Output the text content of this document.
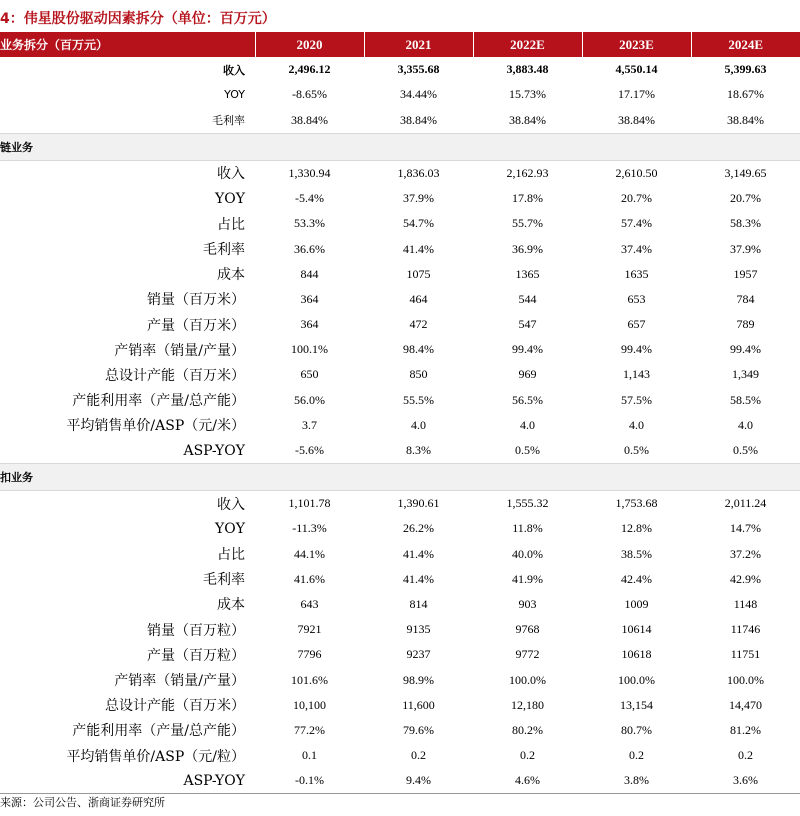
4：伟星股份驱动因素拆分（单位：百万元）
业务拆分（百万元）	2020	2021	2022E	2023E	2024E
收入	2,496.12	3,355.68	3,883.48	4,550.14	5,399.63
YOY	-8.65%	34.44%	15.73%	17.17%	18.67%
毛利率	38.84%	38.84%	38.84%	38.84%	38.84%
链业务					
收入	1,330.94	1,836.03	2,162.93	2,610.50	3,149.65
YOY	-5.4%	37.9%	17.8%	20.7%	20.7%
占比	53.3%	54.7%	55.7%	57.4%	58.3%
毛利率	36.6%	41.4%	36.9%	37.4%	37.9%
成本	844	1075	1365	1635	1957
销量（百万米）	364	464	544	653	784
产量（百万米）	364	472	547	657	789
产销率（销量/产量）	100.1%	98.4%	99.4%	99.4%	99.4%
总设计产能（百万米）	650	850	969	1,143	1,349
产能利用率（产量/总产能）	56.0%	55.5%	56.5%	57.5%	58.5%
平均销售单价/ASP（元/米）	3.7	4.0	4.0	4.0	4.0
ASP-YOY	-5.6%	8.3%	0.5%	0.5%	0.5%
扣业务					
收入	1,101.78	1,390.61	1,555.32	1,753.68	2,011.24
YOY	-11.3%	26.2%	11.8%	12.8%	14.7%
占比	44.1%	41.4%	40.0%	38.5%	37.2%
毛利率	41.6%	41.4%	41.9%	42.4%	42.9%
成本	643	814	903	1009	1148
销量（百万粒）	7921	9135	9768	10614	11746
产量（百万粒）	7796	9237	9772	10618	11751
产销率（销量/产量）	101.6%	98.9%	100.0%	100.0%	100.0%
总设计产能（百万米）	10,100	11,600	12,180	13,154	14,470
产能利用率（产量/总产能）	77.2%	79.6%	80.2%	80.7%	81.2%
平均销售单价/ASP（元/粒）	0.1	0.2	0.2	0.2	0.2
ASP-YOY	-0.1%	9.4%	4.6%	3.8%	3.6%
来源：公司公告、浙商证券研究所
